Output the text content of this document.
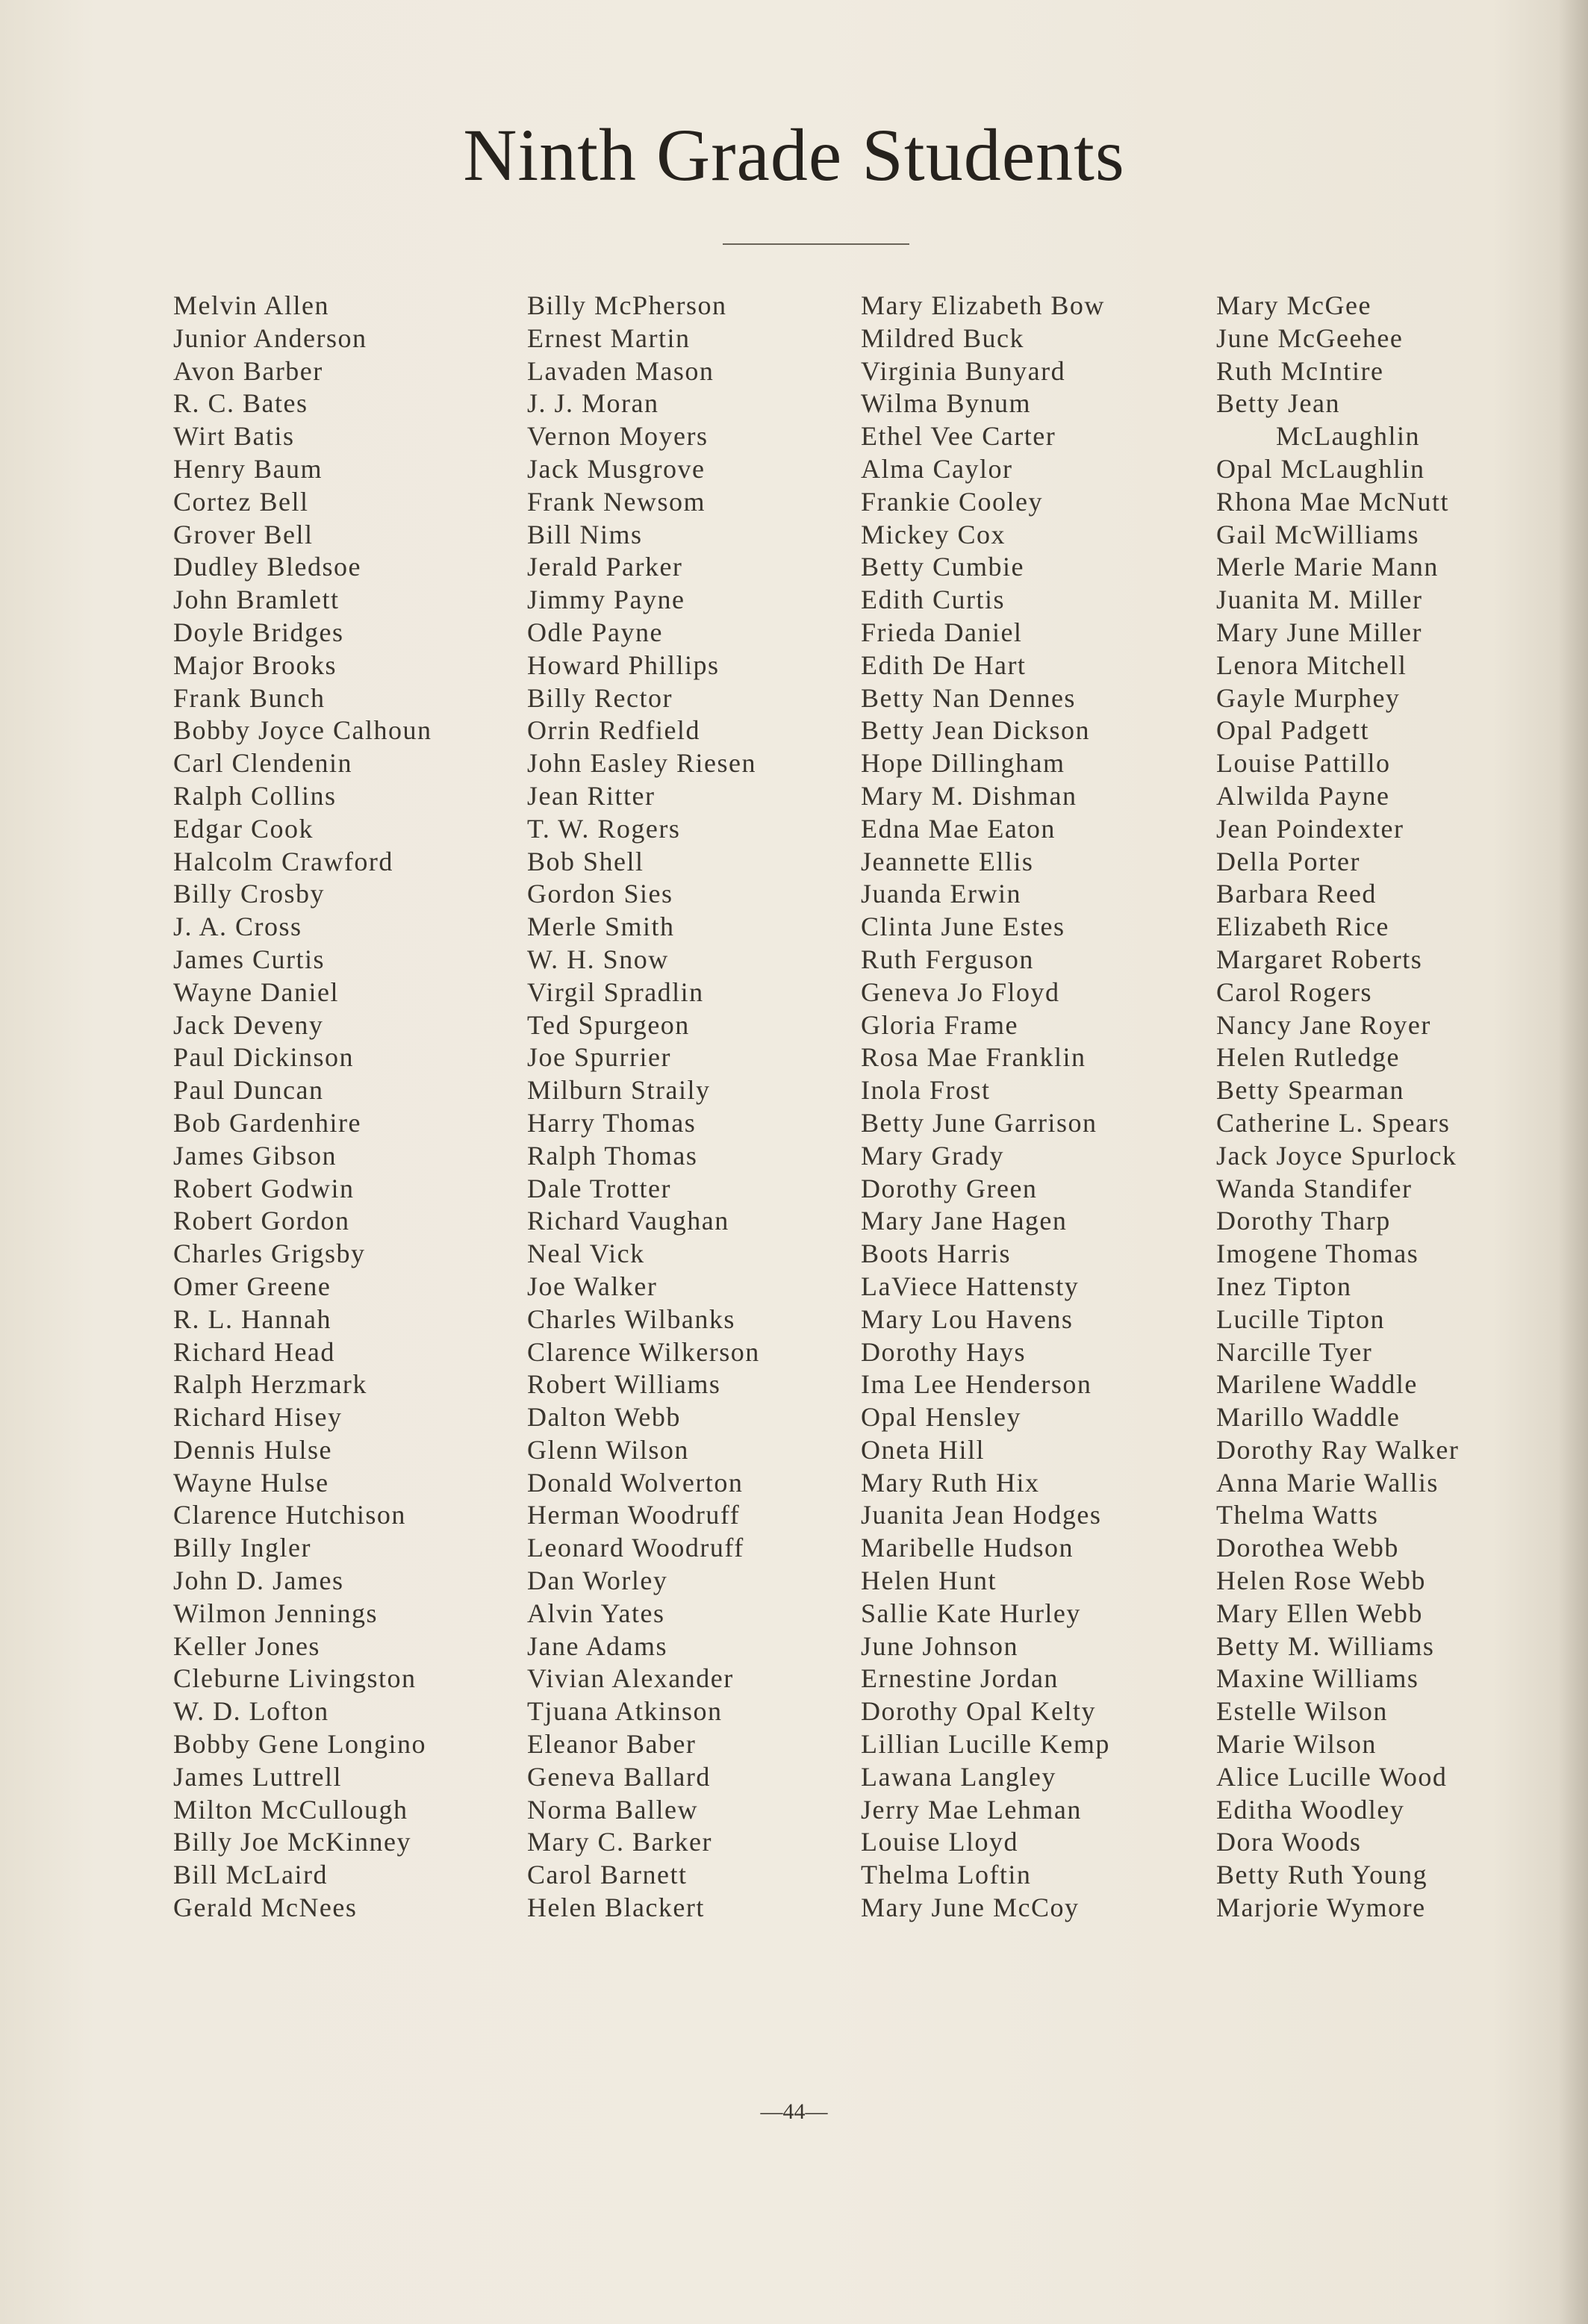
Ninth Grade Students
Melvin Allen
Junior Anderson
Avon Barber
R. C. Bates
Wirt Batis
Henry Baum
Cortez Bell
Grover Bell
Dudley Bledsoe
John Bramlett
Doyle Bridges
Major Brooks
Frank Bunch
Bobby Joyce Calhoun
Carl Clendenin
Ralph Collins
Edgar Cook
Halcolm Crawford
Billy Crosby
J. A. Cross
James Curtis
Wayne Daniel
Jack Deveny
Paul Dickinson
Paul Duncan
Bob Gardenhire
James Gibson
Robert Godwin
Robert Gordon
Charles Grigsby
Omer Greene
R. L. Hannah
Richard Head
Ralph Herzmark
Richard Hisey
Dennis Hulse
Wayne Hulse
Clarence Hutchison
Billy Ingler
John D. James
Wilmon Jennings
Keller Jones
Cleburne Livingston
W. D. Lofton
Bobby Gene Longino
James Luttrell
Milton McCullough
Billy Joe McKinney
Bill McLaird
Gerald McNees
Billy McPherson
Ernest Martin
Lavaden Mason
J. J. Moran
Vernon Moyers
Jack Musgrove
Frank Newsom
Bill Nims
Jerald Parker
Jimmy Payne
Odle Payne
Howard Phillips
Billy Rector
Orrin Redfield
John Easley Riesen
Jean Ritter
T. W. Rogers
Bob Shell
Gordon Sies
Merle Smith
W. H. Snow
Virgil Spradlin
Ted Spurgeon
Joe Spurrier
Milburn Straily
Harry Thomas
Ralph Thomas
Dale Trotter
Richard Vaughan
Neal Vick
Joe Walker
Charles Wilbanks
Clarence Wilkerson
Robert Williams
Dalton Webb
Glenn Wilson
Donald Wolverton
Herman Woodruff
Leonard Woodruff
Dan Worley
Alvin Yates
Jane Adams
Vivian Alexander
Tjuana Atkinson
Eleanor Baber
Geneva Ballard
Norma Ballew
Mary C. Barker
Carol Barnett
Helen Blackert
Mary Elizabeth Bow
Mildred Buck
Virginia Bunyard
Wilma Bynum
Ethel Vee Carter
Alma Caylor
Frankie Cooley
Mickey Cox
Betty Cumbie
Edith Curtis
Frieda Daniel
Edith De Hart
Betty Nan Dennes
Betty Jean Dickson
Hope Dillingham
Mary M. Dishman
Edna Mae Eaton
Jeannette Ellis
Juanda Erwin
Clinta June Estes
Ruth Ferguson
Geneva Jo Floyd
Gloria Frame
Rosa Mae Franklin
Inola Frost
Betty June Garrison
Mary Grady
Dorothy Green
Mary Jane Hagen
Boots Harris
LaViece Hattensty
Mary Lou Havens
Dorothy Hays
Ima Lee Henderson
Opal Hensley
Oneta Hill
Mary Ruth Hix
Juanita Jean Hodges
Maribelle Hudson
Helen Hunt
Sallie Kate Hurley
June Johnson
Ernestine Jordan
Dorothy Opal Kelty
Lillian Lucille Kemp
Lawana Langley
Jerry Mae Lehman
Louise Lloyd
Thelma Loftin
Mary June McCoy
Mary McGee
June McGeehee
Ruth McIntire
Betty Jean
McLaughlin
Opal McLaughlin
Rhona Mae McNutt
Gail McWilliams
Merle Marie Mann
Juanita M. Miller
Mary June Miller
Lenora Mitchell
Gayle Murphey
Opal Padgett
Louise Pattillo
Alwilda Payne
Jean Poindexter
Della Porter
Barbara Reed
Elizabeth Rice
Margaret Roberts
Carol Rogers
Nancy Jane Royer
Helen Rutledge
Betty Spearman
Catherine L. Spears
Jack Joyce Spurlock
Wanda Standifer
Dorothy Tharp
Imogene Thomas
Inez Tipton
Lucille Tipton
Narcille Tyer
Marilene Waddle
Marillo Waddle
Dorothy Ray Walker
Anna Marie Wallis
Thelma Watts
Dorothea Webb
Helen Rose Webb
Mary Ellen Webb
Betty M. Williams
Maxine Williams
Estelle Wilson
Marie Wilson
Alice Lucille Wood
Editha Woodley
Dora Woods
Betty Ruth Young
Marjorie Wymore
—44—
